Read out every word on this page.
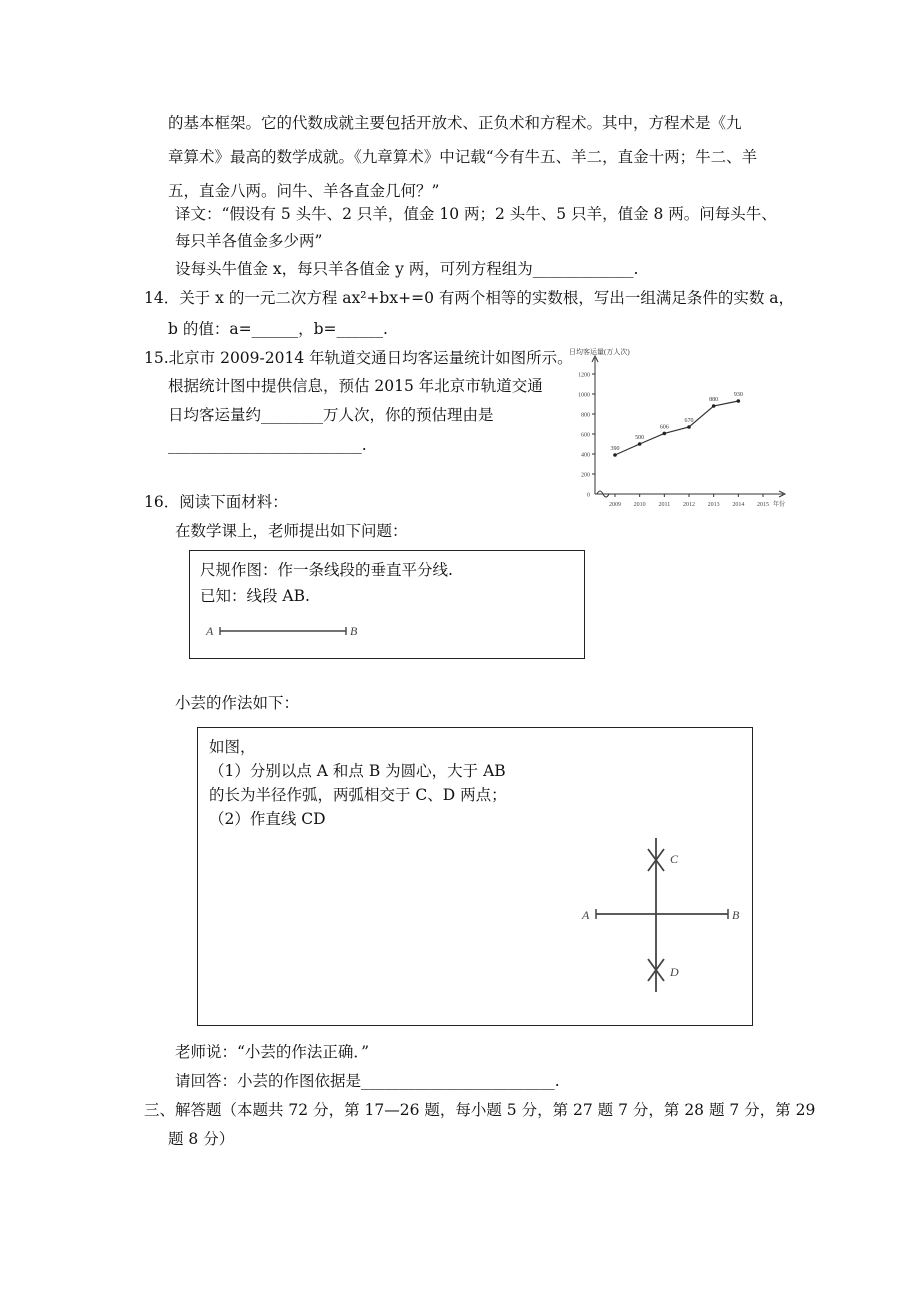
的基本框架。它的代数成就主要包括开放术、正负术和方程术。其中，方程术是《九
章算术》最高的数学成就。《九章算术》中记载“今有牛五、羊二，直金十两；牛二、羊
五，直金八两。问牛、羊各直金几何？”
译文：“假设有 5 头牛、2 只羊，值金 10 两；2 头牛、5 只羊，值金 8 两。问每头牛、
每只羊各值金多少两”
设每头牛值金 x，每只羊各值金 y 两，可列方程组为_____________.
14．关于 x 的一元二次方程 ax²+bx+=0 有两个相等的实数根，写出一组满足条件的实数 a，
b 的值：a=______，b=______.
15.北京市 2009-2014 年轨道交通日均客运量统计如图所示。
根据统计图中提供信息，预估 2015 年北京市轨道交通
日均客运量约________万人次，你的预估理由是
_________________________.
日均客运量(万人次)
0
200
400
600
800
1000
1200
2009 2010 2011 2012 2013 2014 2015 年份
390
500
606
670
880
930
16．阅读下面材料：
在数学课上，老师提出如下问题：
尺规作图：作一条线段的垂直平分线.
已知：线段 AB.
A	B
小芸的作法如下：
如图，
（1）分别以点 A 和点 B 为圆心，大于 AB
的长为半径作弧，两弧相交于 C、D 两点；
（2）作直线 CD
A	B
C
D
老师说：“小芸的作法正确．”
请回答：小芸的作图依据是_________________________.
三、解答题（本题共 72 分，第 17—26 题，每小题 5 分，第 27 题 7 分，第 28 题 7 分，第 29
题 8 分）
